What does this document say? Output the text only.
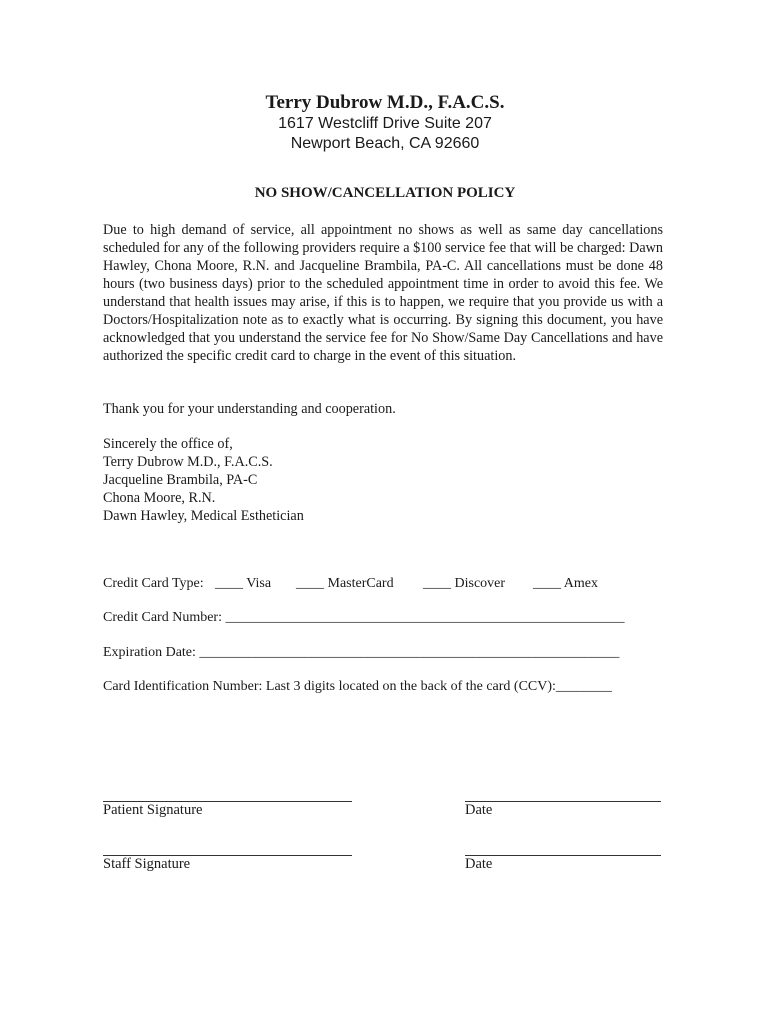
Terry Dubrow M.D., F.A.C.S.
1617 Westcliff Drive Suite 207
Newport Beach, CA 92660
NO SHOW/CANCELLATION POLICY
Due to high demand of service, all appointment no shows as well as same day cancellations scheduled for any of the following providers require a $100 service fee that will be charged: Dawn Hawley, Chona Moore, R.N. and Jacqueline Brambila, PA-C. All cancellations must be done 48 hours (two business days) prior to the scheduled appointment time in order to avoid this fee. We understand that health issues may arise, if this is to happen, we require that you provide us with a Doctors/Hospitalization note as to exactly what is occurring. By signing this document, you have acknowledged that you understand the service fee for No Show/Same Day Cancellations and have authorized the specific credit card to charge in the event of this situation.
Thank you for your understanding and cooperation.
Sincerely the office of,
Terry Dubrow M.D., F.A.C.S.
Jacqueline Brambila, PA-C
Chona Moore, R.N.
Dawn Hawley, Medical Esthetician
Credit Card Type: ____ Visa ____ MasterCard ____ Discover ____ Amex
Credit Card Number: _________________________________________________________
Expiration Date: ____________________________________________________________
Card Identification Number: Last 3 digits located on the back of the card (CCV):________
Patient Signature	Date
Staff Signature	Date
